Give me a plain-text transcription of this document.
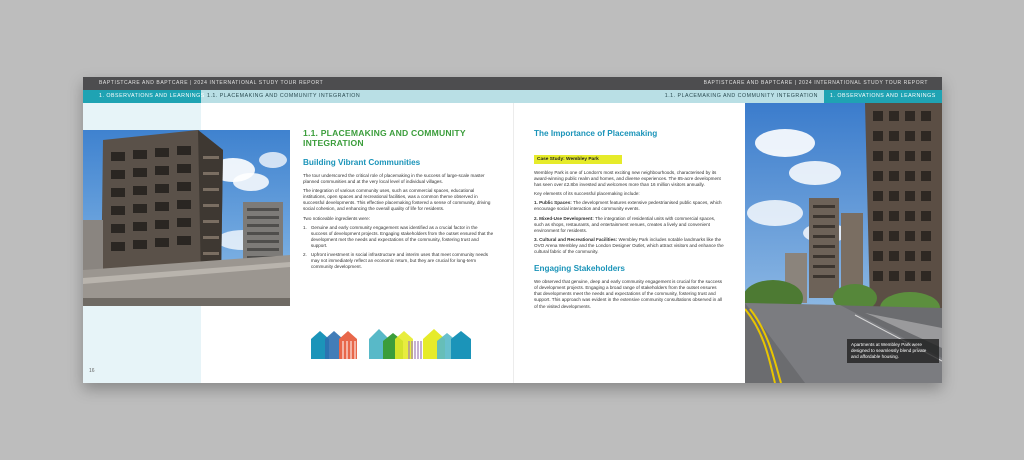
BAPTISTCARE AND BAPTCARE | 2024 INTERNATIONAL STUDY TOUR REPORT	BAPTISTCARE AND BAPTCARE | 2024 INTERNATIONAL STUDY TOUR REPORT
1. OBSERVATIONS AND LEARNINGS 1.1. PLACEMAKING AND COMMUNITY INTEGRATION	1.1. PLACEMAKING AND COMMUNITY INTEGRATION	1. OBSERVATIONS AND LEARNINGS
1.1. PLACEMAKING AND COMMUNITY INTEGRATION
Building Vibrant Communities
The tour underscored the critical role of placemaking in the success of large-scale master planned communities and at the very local level of individual villages.
The integration of various community uses, such as commercial spaces, educational institutions, open spaces and recreational facilities, was a common theme observed in successful developments. This effective placemaking fostered a sense of community, driving social cohesion, and enhancing the overall quality of life for residents.
Two noticeable ingredients were:
1. Genuine and early community engagement was identified as a crucial factor in the success of development projects. Engaging stakeholders from the outset ensured that the development met the needs and expectations of the community, fostering trust and support.
2. Upfront investment in social infrastructure and interim uses that meet community needs may not immediately reflect an economic return, but they are crucial for long-term community development.
16
The Importance of Placemaking
Case Study: Wembley Park
Wembley Park is one of London's most exciting new neighbourhoods, characterised by its award-winning public realm and homes, and diverse experiences. The 85-acre development has seen over £2.8bn invested and welcomes more than 16 million visitors annually.
Key elements of its successful placemaking include:
1. Public Spaces: The development features extensive pedestrianised public spaces, which encourage social interaction and community events.
2. Mixed-Use Development: The integration of residential units with commercial spaces, such as shops, restaurants, and entertainment venues, creates a lively and convenient environment for residents.
3. Cultural and Recreational Facilities: Wembley Park includes notable landmarks like the OVO Arena Wembley and the London Designer Outlet, which attract visitors and enhance the cultural fabric of the community.
Engaging Stakeholders
We observed that genuine, deep and early community engagement is crucial for the success of development projects. Engaging a broad range of stakeholders from the outset ensures that developments meet the needs and expectations of the community, fostering trust and support. This approach was evident in the extensive community consultations observed in all of the visited developments.
Apartments at Wembley Park were designed to seamlessly blend private and affordable housing.
